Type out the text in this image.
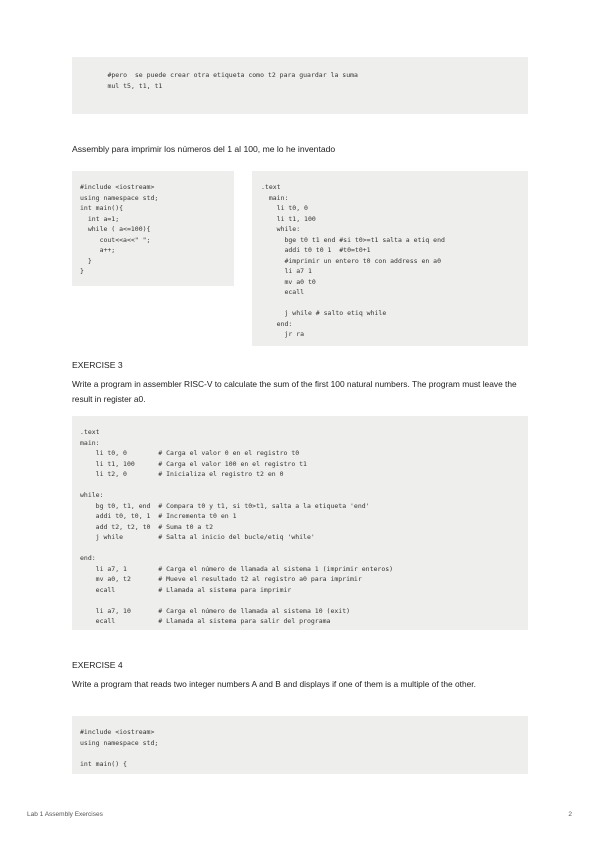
#pero  se puede crear otra etiqueta como t2 para guardar la suma
mul t5, t1, t1

Assembly para imprimir los números del 1 al 100, me lo he inventado

#include <iostream>
using namespace std;
int main(){
int a=1;
while ( a<=100){
cout<<a<<" ";
a++;
}
}
.text
main:
li t0, 0
li t1, 100
while:
bge t0 t1 end #si t0>=t1 salta a etiq end
addi t0 t0 1  #t0=t0+1
#imprimir un entero t0 con address en a0
li a7 1
mv a0 t0
ecall

j while # salto etiq while
end:
jr ra

EXERCISE 3

Write a program in assembler RISC-V to calculate the sum of the first 100 natural numbers. The program must leave the result in register a0.

.text
main:
li t0, 0        # Carga el valor 0 en el registro t0
li t1, 100      # Carga el valor 100 en el registro t1
li t2, 0        # Inicializa el registro t2 en 0

while:
bg t0, t1, end  # Compara t0 y t1, si t0>t1, salta a la etiqueta 'end'
addi t0, t0, 1  # Incrementa t0 en 1
add t2, t2, t0  # Suma t0 a t2
j while         # Salta al inicio del bucle/etiq 'while'

end:
li a7, 1        # Carga el número de llamada al sistema 1 (imprimir enteros)
mv a0, t2       # Mueve el resultado t2 al registro a0 para imprimir
ecall           # Llamada al sistema para imprimir

li a7, 10       # Carga el número de llamada al sistema 10 (exit)
ecall           # Llamada al sistema para salir del programa

EXERCISE 4

Write a program that reads two integer numbers A and B and displays if one of them is a multiple of the other.

#include <iostream>
using namespace std;

int main() {
Lab 1 Assembly Exercises	2
